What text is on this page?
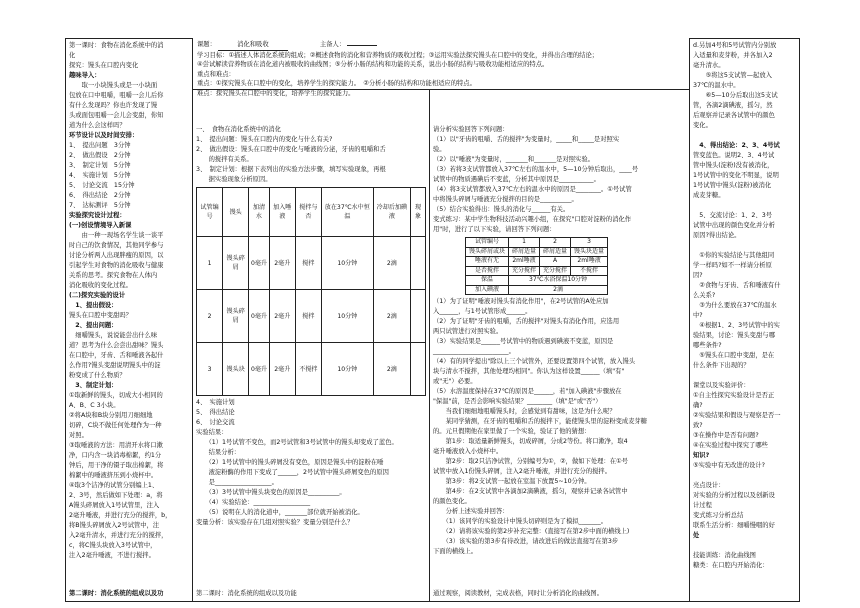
第一课时：食物在消化系统中的消

化

探究：馒头在口腔内变化

趣味导入：

　　取一小块馒头或是一小块面

包放在口中咀嚼，咀嚼一会儿后你

有什么发现吗？你也许发现了馒

头或面包咀嚼一会儿会变甜，你知

道为什么会这样吗？

环节设计以及时间安排：

1、　提出问题　3分钟

2、　做出假设　2分钟

3、　制定计划　5分钟

4、　实施计划　5分钟

5、　讨论交流　15分钟

6、　得出结论　2分钟

7、　达标测评　5分钟

实验探究设计过程：

(一)创设情境导入新课

　　由一种一现场名学生谈一谈平

时自己的饮食情况，其他同学参与

讨论分析两人出现胖瘦的原因，以

引起学生对食物的消化吸收与健康

关系的思考。探究食物在人体内

消化吸收的变化过程。

(二)探究实验的设计

　1、提出假设：

馒头在口腔中变甜吗？

　2、提出问题：

　细嚼馒头，说说能尝出什么味

道？思考为什么会尝出甜味？馒头

在口腔中，牙齿、舌和唾液各起什

么作用?馒头变甜说明馒头中的淀

粉变成了什么物质？

　3、制定计划：

①取新鲜的馒头，切成大小相同的

A、B、C 3小块。

②将A块和B块分别用刀细细地

切碎，C块不做任何处理作为一种

对照。

③取唾液的方法：用清开水将口漱

净，口内含一块消毒棉絮，约1分

钟后，用干净的镊子取出棉絮，将

棉絮中的唾液挤压到小烧杯中。

④取3个洁净的试管分别编上1、

2、3号，然后做如下处理：a，将

A馒头碎屑放入1号试管里，注入

2毫升唾液，并进行充分的搅拌，b，

将B馒头碎屑放入2号试管中，注

入2毫升清水，并进行充分的搅拌，

c，将C馒头块放入3号试管中，

注入2毫升唾液，不进行搅拌。

第二课时：消化系统的组成以及功

一、　食物在消化系统中的消化

1、　提出问题：馒头在口腔内的变化与什么有关?

2、　做出假设：馒头在口腔中的变化与唾液的分泌，牙齿的咀嚼和舌

　　的搅拌有关系。

3、　制定计划：根据下表列出的实验方法步骤，填写实验现象，再根

　　据实验现象分析原因。

试管编号	馒头	加清水	加入唾液	搅拌与否	放在37℃水中恒温	冷却后加碘液	现象
1	馒头碎屑	0毫升	2毫升	搅拌	10分钟	2滴	
2	馒头碎屑	0毫升	2毫升	搅拌	10分钟	2滴	
3	馒头块	0毫升	2毫升	不搅拌	10分钟	2滴	

4、　实施计划

5、　得出结论

6、　讨论交流

实验结果：

　　（1）1号试管不变色，而2号试管和3号试管中的馒头却变成了蓝色。

　　结果分析：

　　（2）1号试管中的馒头碎屑没有变色，原因是馒头中的淀粉在唾

　　液淀粉酶的作用下变成了______，2号试管中馒头碎屑变色的原因

　　是__________________。

　　（3）3号试管中馒头块变色的原因是__________。

　　（4）实验结论：__________________

　　（5）说明在人的消化道中，_______部位就开始被消化。

变量分析：该实验存在几组对照实验？变量分别是什么？

第二课时：消化系统的组成以及功能

请分析实验回答下列问题：

（1）以"牙齿的咀嚼、舌的搅拌"为变量时，_____和_____是对照实

验。

（2）以"唾液"为变量时，_______和_______是对照实验。

（3）若将3支试管都放入37℃左右的温水中，5—10分钟后取出，____号

试管中的物质遇碘后不变蓝，分析其中原因是___________。

（4）将3支试管都放入37℃左右的温水中的原因是________。①号试管

中将馒头碎屑与唾液充分搅拌的目的是__________。

（5）结合实验得出：馒头的消化与______有关。

变式练习：某中学生物科技活动兴趣小组，在探究"口腔对淀粉的消化作

用"时，进行了以下实验，请回答下列问题：

试管编号	1	2	3
馒头碎屑或块	碎屑适量	碎屑适量	馒头块适量
唾液有无	2ml唾液	A	2ml唾液
是否搅拌	充分搅拌	充分搅拌	不搅拌
保温	37℃水浴保温10分钟		
加入碘液	2滴		

（1）为了证明"唾液对馒头有消化作用"，在2号试管的A处应加

入______，与1号试管形成______。

（2）为了证明"牙齿的咀嚼，舌的搅拌"对馒头有消化作用，应选用

两只试管进行对照实验。

（3）实验结果是______号试管中的物质遇到碘液不变蓝，原因是

________________________。

（4）有的同学提出"除以上三个试管外，还要设置第四个试管，放入馒头

块与清水不搅拌，其他处理均相同"。你认为这样设置______（填"有"

或"无"）必要。

（5）水溶温度保持在37℃的原因是______，若"加入碘液"步骤放在

"保温"前，是否会影响实验结果？________（填"是"或"否"）

　　当我们细细地咀嚼馒头时，会感觉到有甜味，这是为什么呢？

　　某同学猜测，在牙齿的咀嚼和舌的搅拌下，能使馒头里的淀粉变成麦芽糖

的。元旦假期他在家里做了一个实验，验证了他的猜想：

　　第1步：取适量新鲜馒头，切成碎屑，分成2等份。将口漱净，取4

毫升唾液放入小烧杯中。

　　第2步：取2只洁净试管，分别编号为①，②，做如下处理：在①号

试管中放入1份馒头碎屑，注入2毫升唾液，并进行充分的搅拌。

　　第3步：将2支试管一起放在室温下放置5~10分钟。

　　第4步：在2支试管中各滴加2滴碘液，摇匀，观察并记录各试管中

的颜色变化。

　　分析上述实验并回答：

　　（1）该同学的实验设计中馒头切碎则是为了模拟_______。

　　（2）请将该实验的第2步补充完整：(直接写在第2步中面的横线上)

　　（3）该实验的第3步有待改进，请改进后的做法直接写在第3步

下面的横线上。

通过观察，阅读教材，完成表格，同时让分析消化的曲线图。

d.另加4号和5号试管内分别放

入适量和麦芽粉，并各加入2

毫升清水。

　　⑤将这5支试管—起放入

37℃的温水中。

　　⑥5—10分后取出这5支试

管，各滴2滴碘液，摇匀，然

后观察并记录各试管中的颜色

变化。

　4、得出结论：2、3、4号试

管变蓝色。说明2、3、4号试

管中馒头(淀粉)没有被消化，

1号试管中的变化不明显，说明

1号试管中馒头(淀粉)被消化

成麦芽糖。

　5、交流讨论：1、2、3号

试管中出现的颜色变化并分析

原因?得出结论。

　①你的实验结论与其他组同

学一样吗?如不一样请分析原

因?

　②食物与牙齿、舌和唾液有什

么关系?

　③为什么要放在37℃的温水

中?

　④根据1、2、3号试管中的实

验结果，讨论：馒头变甜与哪

哪些条件?

　⑤馒头在口腔中变甜，是在

什么条件下出现的？

课堂以及实验评价：

①自主性探究实验设计是否正

确?

②实验结果和假设与观察是否一

致?

③在操作中是否有问题?

④在实验过程中探究了哪些

知识?

⑤实验中有无改进的设计?

亮点设计：

对实验的分析过程以及创新设

计过程

变式练习分析总结

联系生活分析：细嚼慢咽的好

处

技能训练：消化曲线图

糖类：在口腔内开始消化：

课题：	消化和吸收	主备人：

学习目标：①描述人体消化系统的组成；②概述食物的消化和营养物质的吸收过程；③运用实验法探究馒头在口腔中的变化，并得出合理的结论；

④尝试解读营养物质在消化道内被吸收的曲线图；⑤分析小肠的结构和功能的关系，说出小肠的结构与吸收功能相适应的特点。

重点和难点：

重点：①探究馒头在口腔中的变化，培养学生的探究能力。　②分析小肠的结构和功能相适应的特点。

难点：探究馒头在口腔中的变化，培养学生的探究能力。
